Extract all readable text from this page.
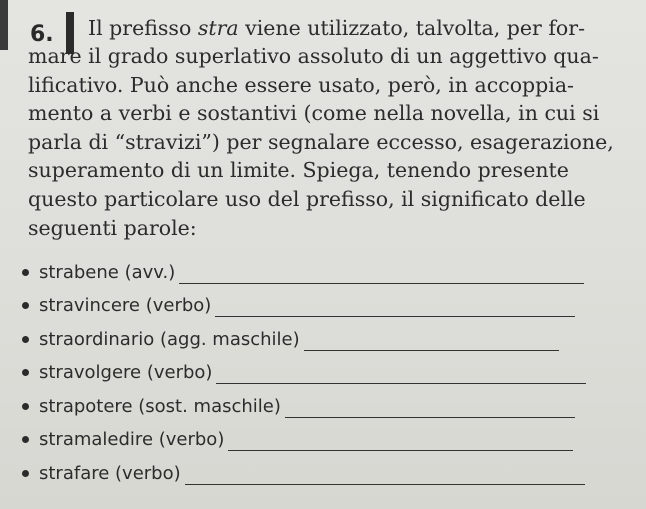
6. Il prefisso stra viene utilizzato, talvolta, per for-
mare il grado superlativo assoluto di un aggettivo qua-
lificativo. Può anche essere usato, però, in accoppia-
mento a verbi e sostantivi (come nella novella, in cui si
parla di “stravizi”) per segnalare eccesso, esagerazione,
superamento di un limite. Spiega, tenendo presente
questo particolare uso del prefisso, il significato delle
seguenti parole:
strabene (avv.)
stravincere (verbo)
straordinario (agg. maschile)
stravolgere (verbo)
strapotere (sost. maschile)
stramaledire (verbo)
strafare (verbo)
